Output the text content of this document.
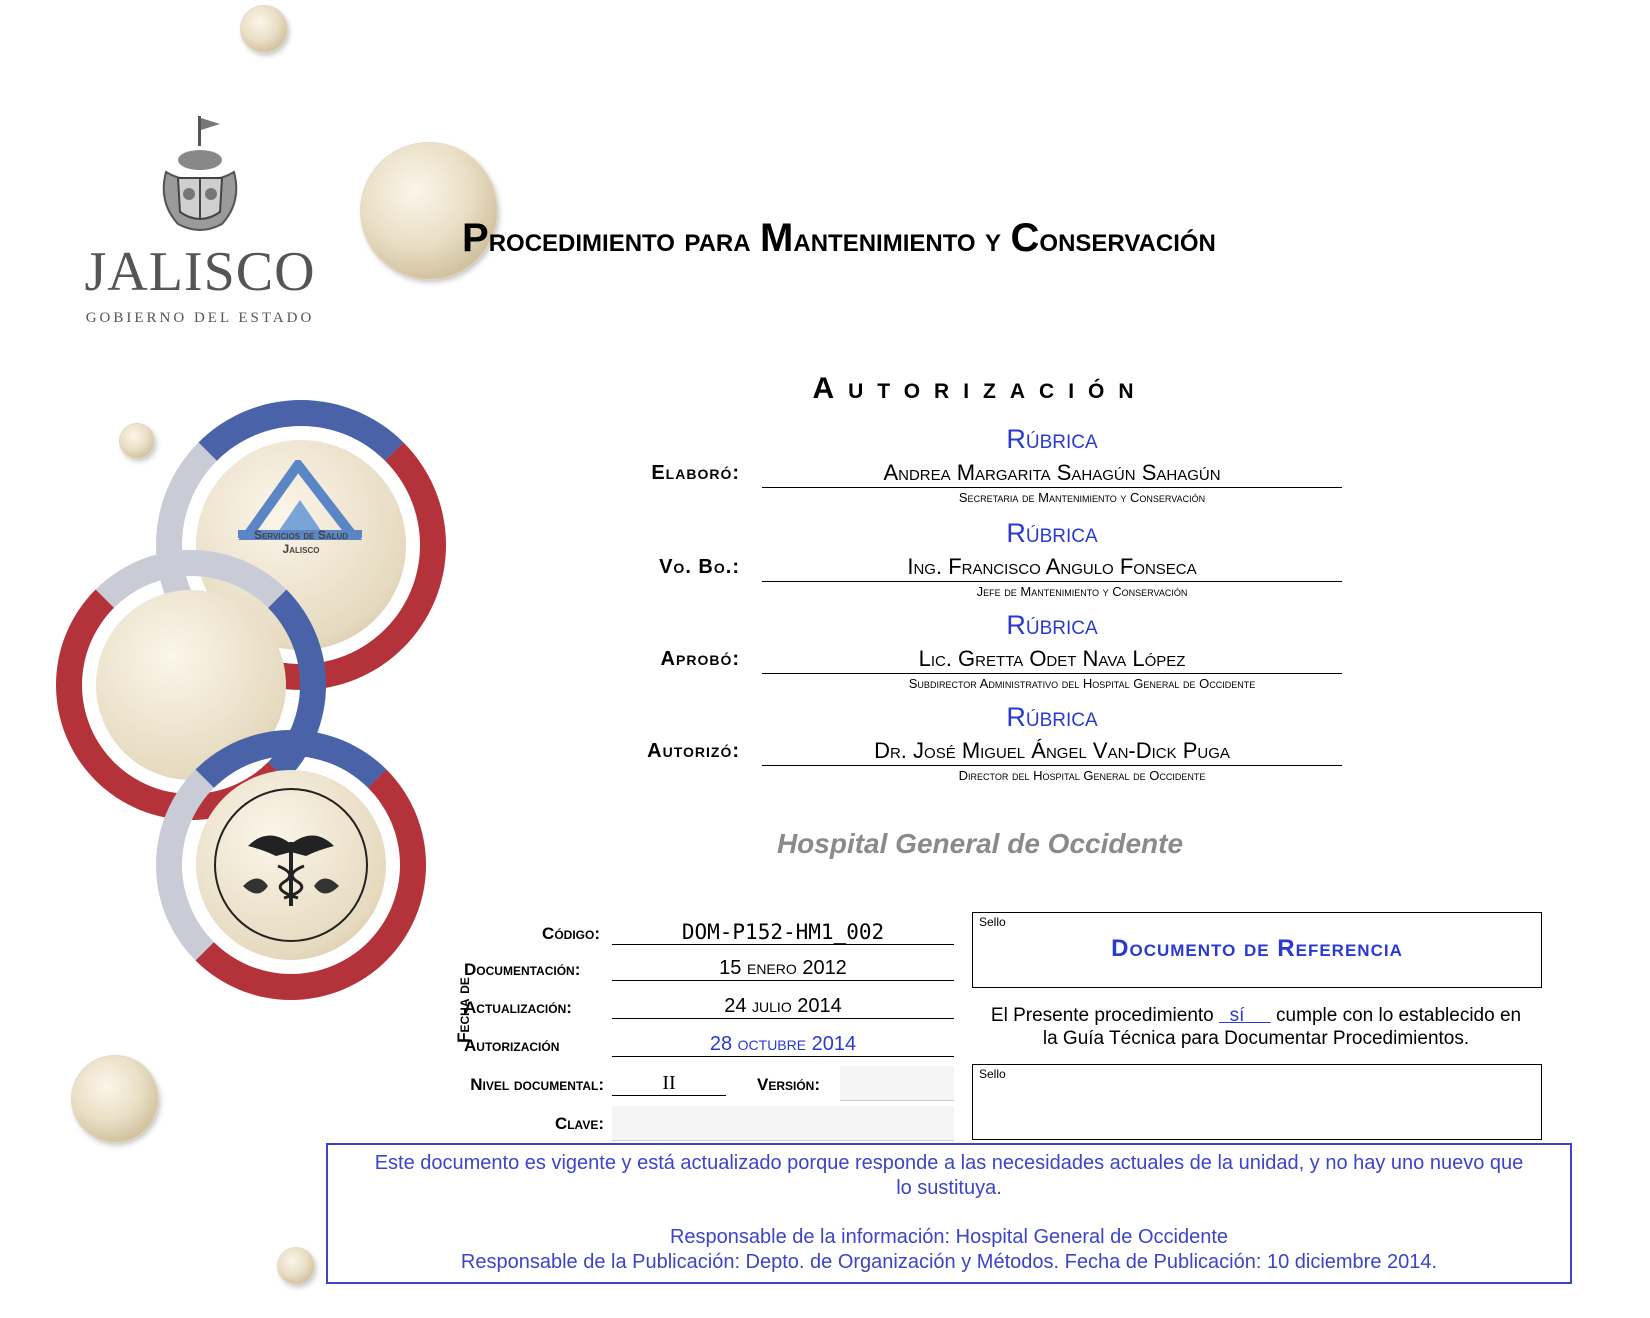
JALISCO
GOBIERNO DEL ESTADO
Servicios de Salud Jalisco
Procedimiento para Mantenimiento y Conservación
Autorización
Rúbrica
Elaboró:	Andrea Margarita Sahagún Sahagún
Secretaria de Mantenimiento y Conservación
Rúbrica
Vo. Bo.:	Ing. Francisco Angulo Fonseca
Jefe de Mantenimiento y Conservación
Rúbrica
Aprobó:	Lic. Gretta Odet Nava López
Subdirector Administrativo del Hospital General de Occidente
Rúbrica
Autorizó:	Dr. José Miguel Ángel Van-Dick Puga
Director del Hospital General de Occidente
Hospital General de Occidente
Código:	DOM-P152-HM1_002
Fecha de
Documentación:	15 enero 2012
Actualización:	24 julio 2014
Autorización	28 octubre 2014
Nivel documental:	II	Versión:
Clave:
Sello
Documento de Referencia
El Presente procedimiento   sí      cumple con lo establecido en
la Guía Técnica para Documentar Procedimientos.
Sello
Este documento es vigente y está actualizado porque responde a las necesidades actuales de la unidad, y no hay uno nuevo que
lo sustituya.
Responsable de la información: Hospital General de Occidente
Responsable de la Publicación: Depto. de Organización y Métodos. Fecha de Publicación: 10 diciembre 2014.
